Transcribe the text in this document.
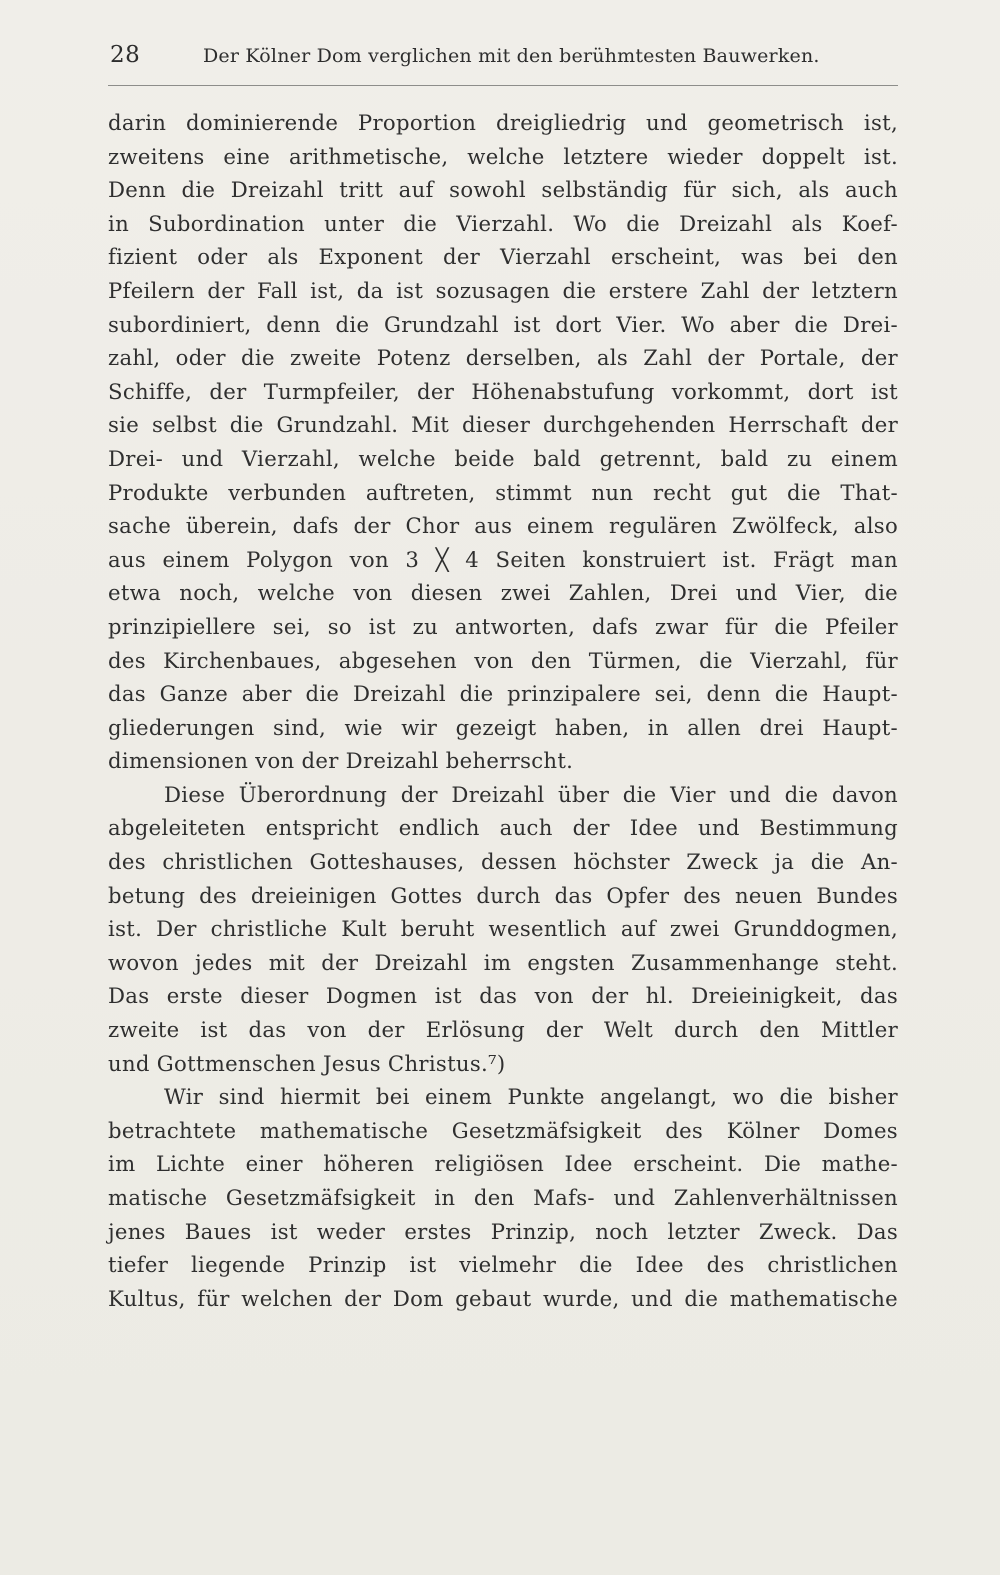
28	Der Kölner Dom verglichen mit den berühmtesten Bauwerken.
darin dominierende Proportion dreigliedrig und geometrisch ist,
zweitens eine arithmetische, welche letztere wieder doppelt ist.
Denn die Dreizahl tritt auf sowohl selbständig für sich, als auch
in Subordination unter die Vierzahl. Wo die Dreizahl als Koef-
fizient oder als Exponent der Vierzahl erscheint, was bei den
Pfeilern der Fall ist, da ist sozusagen die erstere Zahl der letztern
subordiniert, denn die Grundzahl ist dort Vier. Wo aber die Drei-
zahl, oder die zweite Potenz derselben, als Zahl der Portale, der
Schiffe, der Turmpfeiler, der Höhenabstufung vorkommt, dort ist
sie selbst die Grundzahl. Mit dieser durchgehenden Herrschaft der
Drei- und Vierzahl, welche beide bald getrennt, bald zu einem
Produkte verbunden auftreten, stimmt nun recht gut die That-
sache überein, dafs der Chor aus einem regulären Zwölfeck, also
aus einem Polygon von 3 ╳ 4 Seiten konstruiert ist. Frägt man
etwa noch, welche von diesen zwei Zahlen, Drei und Vier, die
prinzipiellere sei, so ist zu antworten, dafs zwar für die Pfeiler
des Kirchenbaues, abgesehen von den Türmen, die Vierzahl, für
das Ganze aber die Dreizahl die prinzipalere sei, denn die Haupt-
gliederungen sind, wie wir gezeigt haben, in allen drei Haupt-
dimensionen von der Dreizahl beherrscht.
Diese Überordnung der Dreizahl über die Vier und die davon
abgeleiteten entspricht endlich auch der Idee und Bestimmung
des christlichen Gotteshauses, dessen höchster Zweck ja die An-
betung des dreieinigen Gottes durch das Opfer des neuen Bundes
ist. Der christliche Kult beruht wesentlich auf zwei Grunddogmen,
wovon jedes mit der Dreizahl im engsten Zusammenhange steht.
Das erste dieser Dogmen ist das von der hl. Dreieinigkeit, das
zweite ist das von der Erlösung der Welt durch den Mittler
und Gottmenschen Jesus Christus.⁷)
Wir sind hiermit bei einem Punkte angelangt, wo die bisher
betrachtete mathematische Gesetzmäfsigkeit des Kölner Domes
im Lichte einer höheren religiösen Idee erscheint. Die mathe-
matische Gesetzmäfsigkeit in den Mafs- und Zahlenverhältnissen
jenes Baues ist weder erstes Prinzip, noch letzter Zweck. Das
tiefer liegende Prinzip ist vielmehr die Idee des christlichen
Kultus, für welchen der Dom gebaut wurde, und die mathematische
